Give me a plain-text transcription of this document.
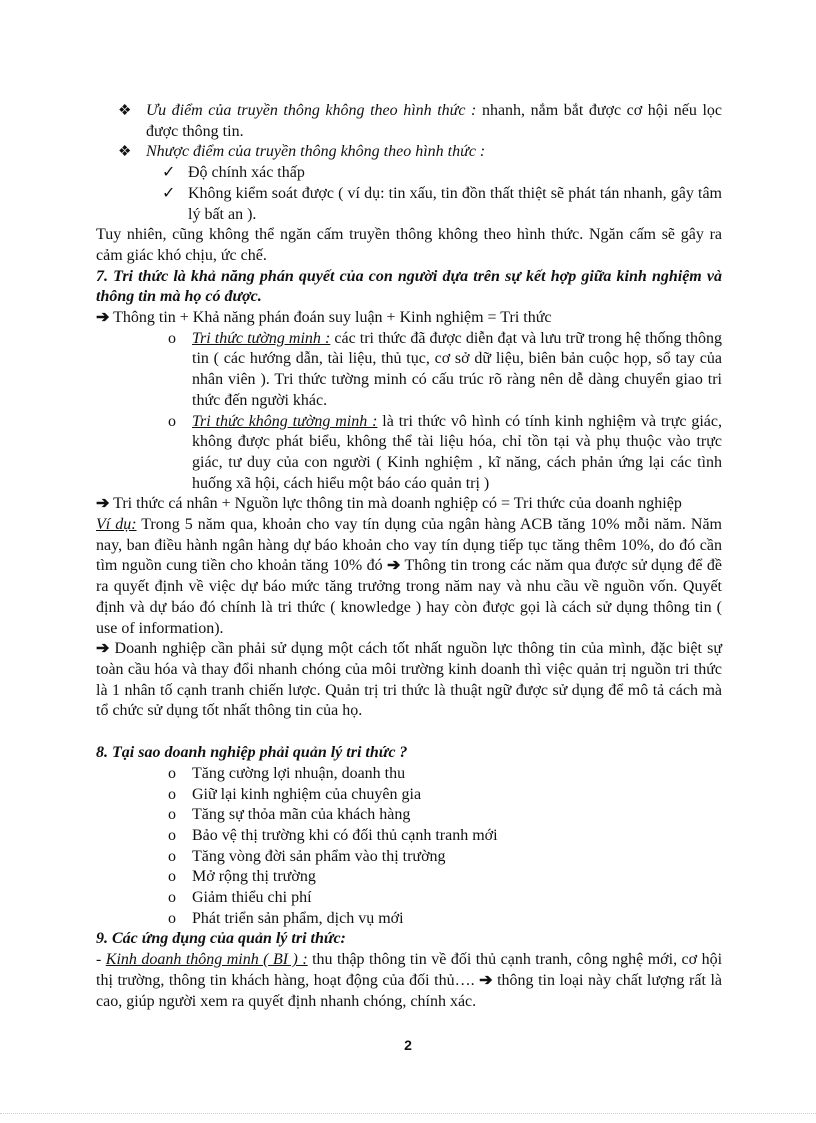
❖ Ưu điểm của truyền thông không theo hình thức : nhanh, nắm bắt được cơ hội nếu lọc được thông tin.
❖ Nhược điểm của truyền thông không theo hình thức :
✓ Độ chính xác thấp
✓ Không kiểm soát được ( ví dụ: tin xấu, tin đồn thất thiệt sẽ phát tán nhanh, gây tâm lý bất an ).
Tuy nhiên, cũng không thể ngăn cấm truyền thông không theo hình thức. Ngăn cấm sẽ gây ra cảm giác khó chịu, ức chế.
7. Tri thức là khả năng phán quyết của con người dựa trên sự kết hợp giữa kinh nghiệm và thông tin mà họ có được.
➔ Thông tin + Khả năng phán đoán suy luận + Kinh nghiệm = Tri thức
o Tri thức tường minh : các tri thức đã được diễn đạt và lưu trữ trong hệ thống thông tin ( các hướng dẫn, tài liệu, thủ tục, cơ sở dữ liệu, biên bản cuộc họp, sổ tay của nhân viên ). Tri thức tường minh có cấu trúc rõ ràng nên dễ dàng chuyển giao tri thức đến người khác.
o Tri thức không tường minh : là tri thức vô hình có tính kinh nghiệm và trực giác, không được phát biểu, không thể tài liệu hóa, chỉ tồn tại và phụ thuộc vào trực giác, tư duy của con người ( Kinh nghiệm , kĩ năng, cách phản ứng lại các tình huống xã hội, cách hiểu một báo cáo quản trị )
➔ Tri thức cá nhân + Nguồn lực thông tin mà doanh nghiệp có = Tri thức của doanh nghiệp
Ví dụ: Trong 5 năm qua, khoản cho vay tín dụng của ngân hàng ACB tăng 10% mỗi năm. Năm nay, ban điều hành ngân hàng dự báo khoản cho vay tín dụng tiếp tục tăng thêm 10%, do đó cần tìm nguồn cung tiền cho khoản tăng 10% đó ➔ Thông tin trong các năm qua được sử dụng để đề ra quyết định về việc dự báo mức tăng trưởng trong năm nay và nhu cầu về nguồn vốn. Quyết định và dự báo đó chính là tri thức ( knowledge ) hay còn được gọi là cách sử dụng thông tin ( use of information).
➔ Doanh nghiệp cần phải sử dụng một cách tốt nhất nguồn lực thông tin của mình, đặc biệt sự toàn cầu hóa và thay đổi nhanh chóng của môi trường kinh doanh thì việc quản trị nguồn tri thức là 1 nhân tố cạnh tranh chiến lược. Quản trị tri thức là thuật ngữ được sử dụng để mô tả cách mà tổ chức sử dụng tốt nhất thông tin của họ.
8. Tại sao doanh nghiệp phải quản lý tri thức ?
o Tăng cường lợi nhuận, doanh thu
o Giữ lại kinh nghiệm của chuyên gia
o Tăng sự thỏa mãn của khách hàng
o Bảo vệ thị trường khi có đối thủ cạnh tranh mới
o Tăng vòng đời sản phẩm vào thị trường
o Mở rộng thị trường
o Giảm thiểu chi phí
o Phát triển sản phẩm, dịch vụ mới
9. Các ứng dụng của quản lý tri thức:
- Kinh doanh thông minh ( BI ) : thu thập thông tin về đối thủ cạnh tranh, công nghệ mới, cơ hội thị trường, thông tin khách hàng, hoạt động của đối thủ…. ➔ thông tin loại này chất lượng rất là cao, giúp người xem ra quyết định nhanh chóng, chính xác.
2
